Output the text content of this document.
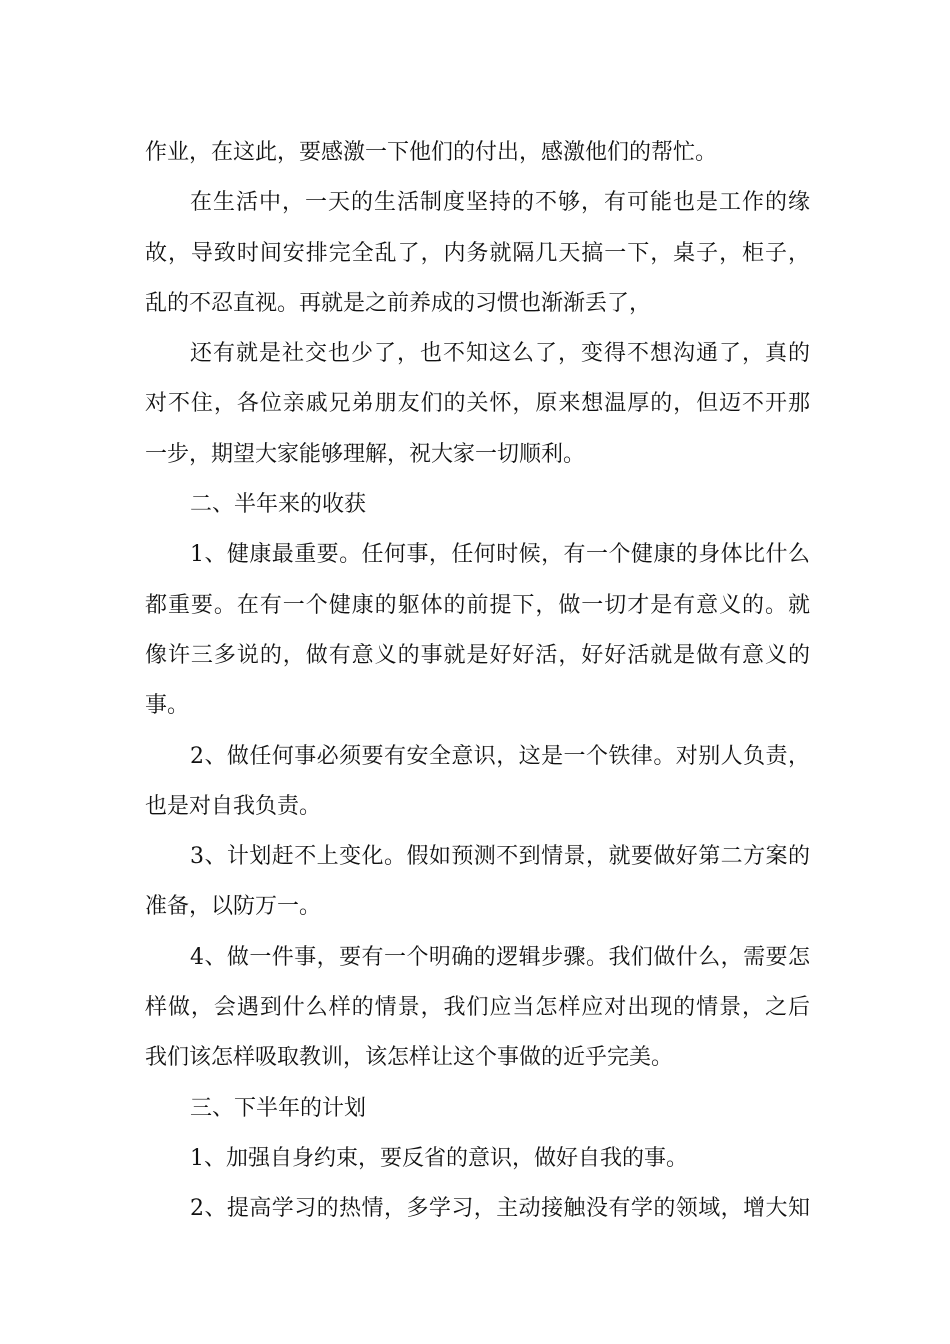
作业，在这此，要感激一下他们的付出，感激他们的帮忙。
在生活中，一天的生活制度坚持的不够，有可能也是工作的缘
故，导致时间安排完全乱了，内务就隔几天搞一下，桌子，柜子，
乱的不忍直视。再就是之前养成的习惯也渐渐丢了，
还有就是社交也少了，也不知这么了，变得不想沟通了，真的
对不住，各位亲戚兄弟朋友们的关怀，原来想温厚的，但迈不开那
一步，期望大家能够理解，祝大家一切顺利。
二、半年来的收获
1、健康最重要。任何事，任何时候，有一个健康的身体比什么
都重要。在有一个健康的躯体的前提下，做一切才是有意义的。就
像许三多说的，做有意义的事就是好好活，好好活就是做有意义的
事。
2、做任何事必须要有安全意识，这是一个铁律。对别人负责，
也是对自我负责。
3、计划赶不上变化。假如预测不到情景，就要做好第二方案的
准备，以防万一。
4、做一件事，要有一个明确的逻辑步骤。我们做什么，需要怎
样做，会遇到什么样的情景，我们应当怎样应对出现的情景，之后
我们该怎样吸取教训，该怎样让这个事做的近乎完美。
三、下半年的计划
1、加强自身约束，要反省的意识，做好自我的事。
2、提高学习的热情，多学习，主动接触没有学的领域，增大知
